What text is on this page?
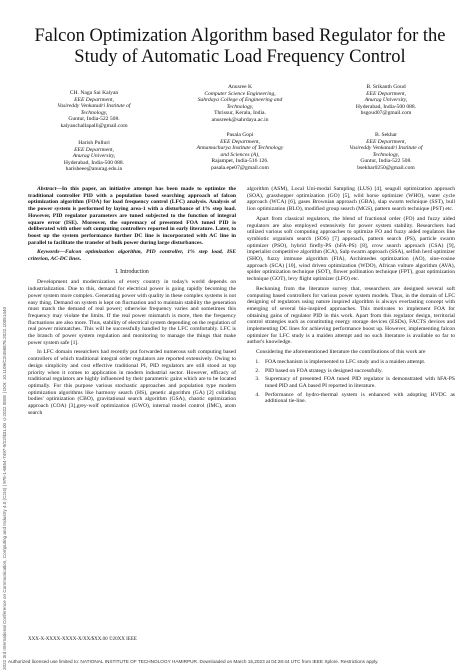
2022 3rd International Conference on Communication, Computing and Industry 4.0 (C2I4) | 978-1-6654-7497-9/22/$31.00 ©2022 IEEE | DOI: 10.1109/C2I456876.2022.10051440
Falcon Optimization Algorithm based Regulator for the Study of Automatic Load Frequency Control
CH. Naga Sai Kalyan
EEE Department,
Vasireddy Venkatadri Institute of
Technology,
Guntur, India-522 508.
kalyanchallapalli@gmail.com
Anusree K
Computer Science Engineering,
Sahrdaya College of Engineering and
Technology,
Thrissur, Kerala, India.
anusreek@sahrdaya.ac.in
B. Srikanth Goud
EEE Department,
Anurag University,
Hyderabad, India-500 088.
bsgoud07@gmail.com
Harish Pulluri
EEE Department,
Anurag University,
Hyderabad, India-500 088.
harisheee@anurag.edu.in
Pasala Gopi
EEE Department,
Annamacharya Institute of Technology
and Sciences (A),
Rajampet, India-516 126.
pasala.epe07@gmail.com
B. Sekhar
EEE Department,
Vasireddy Venkatadri Institute of
Technology,
Guntur, India-522 508.
bsekhar0250@gmail.com

Abstract—In this paper, an initiative attempt has been made to optimize the traditional controller PID with a population based searching approach of falcon optimization algorithm (FOA) for load frequency control (LFC) analysis. Analysis of the power system is performed by laying area-1 with a disturbance of 1% step load. However, PID regulator parameters are tuned subjected to the function of integral square error (ISE). Moreover, the supremacy of presented FOA tuned PID is deliberated with other soft computing controllers reported in early literature. Later, to boost up the system performance further DC line is incorporated with AC line in parallel to facilitate the transfer of bulk power during large disturbances.

Keywords—Falcon optimization algorithm, PID controller, 1% step load, ISE criterion, AC-DC lines.

I. Introduction

Development and modernization of every country in today's world depends on industrialization. Due to this, demand for electrical power is going rapidly becoming the power system more complex. Generating power with quality in these complex systems is not easy thing. Demand on system is kept on fluctuation and to maintain stability the generation must match the demand of real power; otherwise frequency varies and sometimes this frequency may violate the limits. If the real power mismatch is more, then the frequency fluctuations are also more. Thus, stability of electrical system depending on the regulation of real power mismatches. This will be successfully handled by the LFC comfortably. LFC is the branch of power system regulation and monitoring to manage the things that make power system safe [1].

In LFC domain researchers had recently put forwarded numerous soft computing based controllers of which traditional integral order regulators are reported extensively. Owing to design simplicity and cost effective traditional PI, PID regulators are still stood at top priority when it comes to application in modern industrial sector. However, efficacy of traditional regulators are highly influenced by their parametric gains which are to be located optimally. For this purpose various stochastic approaches and population type modern optimization algorithms like harmony search (HS), genetic algorithm (GA) [2] colliding bodies' optimization (CBO), gravitational search algorithm (GSA), chaotic optimization approach (COA) [3],grey-wolf optimization (GWO), internal model control (IMC), atom search

algorithm (ASM), Local Uni-modal Sampling (LUS) [4], seagull optimization approach (SOA), grasshopper optimization (GO) [5], wild horse optimizer (WHO), water cycle approach (WCA) [6], gases Brownian approach (GBA), slap swarm technique (SST), bull lion optimization (BLO), modified group search (MGS), pattern search technique (PST) etc.

Apart from classical regulators, the blend of fractional order (FO) and fuzzy aided regulators are also employed extensively for power system stability. Researchers had utilized various soft computing approaches to optimize FO and fuzzy aided regulators like symbiotic organism search (SOS) [7] approach, pattern search (PS), particle swarm optimizer (PSO), hybrid firefly-PS (hFA-PS) [8], crow search approach (CSA) [9], imperialist competitive algorithm (ICA), Salp swarm approach (SSA), selfish herd optimizer (SHO), fuzzy immune algorithm (FIA), Archimedes optimization (AO), sine-cosine approach (SCA) [10], wind driven optimization (WDO), African vulture algorithm (AVA), spider optimization technique (SOT), flower pollination technique (FPT), goat optimization technique (GOT), levy flight optimizer (LFO) etc.

Reckoning from the literature survey that, researchers are designed several soft computing based controllers for various power system models. Thus, in the domain of LFC designing of regulators using nature inspired algorithm is always everlasting concept with emerging of several bio-inspired approaches. This motivates to implement FOA for obtaining gains of regulator PID in this work. Apart from this regulator design, territorial control strategies such as constituting energy storage devices (ESDs), FACTS devices and implementing DC lines for achieving performance boost up. However, implementing falcon optimizer for LFC study is a maiden attempt and no such literature is available so far to author's knowledge.

Considering the aforementioned literature the contributions of this work are

1. FOA mechanism is implemented to LFC study and is a maiden attempt.
2. PID based on FOA strategy is designed successfully.
3. Supremacy of presented FOA tuned PID regulator is demonstrated with hFA-PS tuned PID and GA based PI reported in literature.
4. Performance of hydro-thermal system is enhanced with adopting HVDC as additional tie-line.
XXX-X-XXXX-XXXX-X/XX/$XX.00 ©20XX IEEE
Authorized licensed use limited to: NATIONAL INSTITUTE OF TECHNOLOGY HAMIRPUR. Downloaded on March 15,2023 at 04:28:44 UTC from IEEE Xplore. Restrictions apply.
